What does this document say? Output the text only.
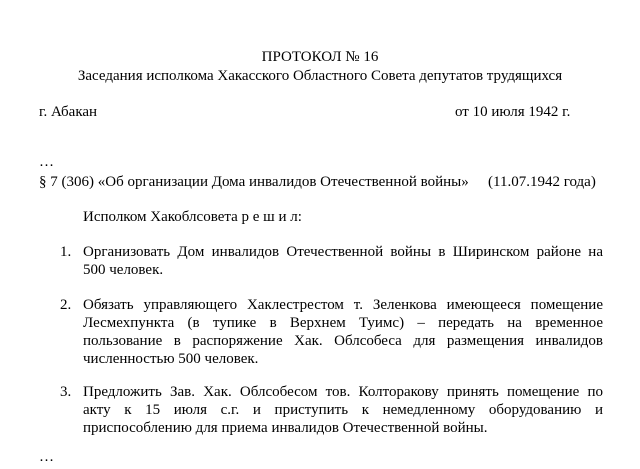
ПРОТОКОЛ № 16
Заседания исполкома Хакасского Областного Совета депутатов трудящихся
г. Абакан	от 10 июля 1942 г.
…
§ 7 (306) «Об организации Дома инвалидов Отечественной войны» (11.07.1942 года)
Исполком Хакоблсовета р е ш и л:
1. Организовать Дом инвалидов Отечественной войны в Ширинском районе на
500 человек.
2. Обязать управляющего Хаклестрестом т. Зеленкова имеющееся помещение
Лесмехпункта (в тупике в Верхнем Туимс) – передать на временное
пользование в распоряжение Хак. Облсобеса для размещения инвалидов
численностью 500 человек.
3. Предложить Зав. Хак. Облсобесом тов. Колторакову принять помещение по
акту к 15 июля с.г. и приступить к немедленному оборудованию и
приспособлению для приема инвалидов Отечественной войны.
…
